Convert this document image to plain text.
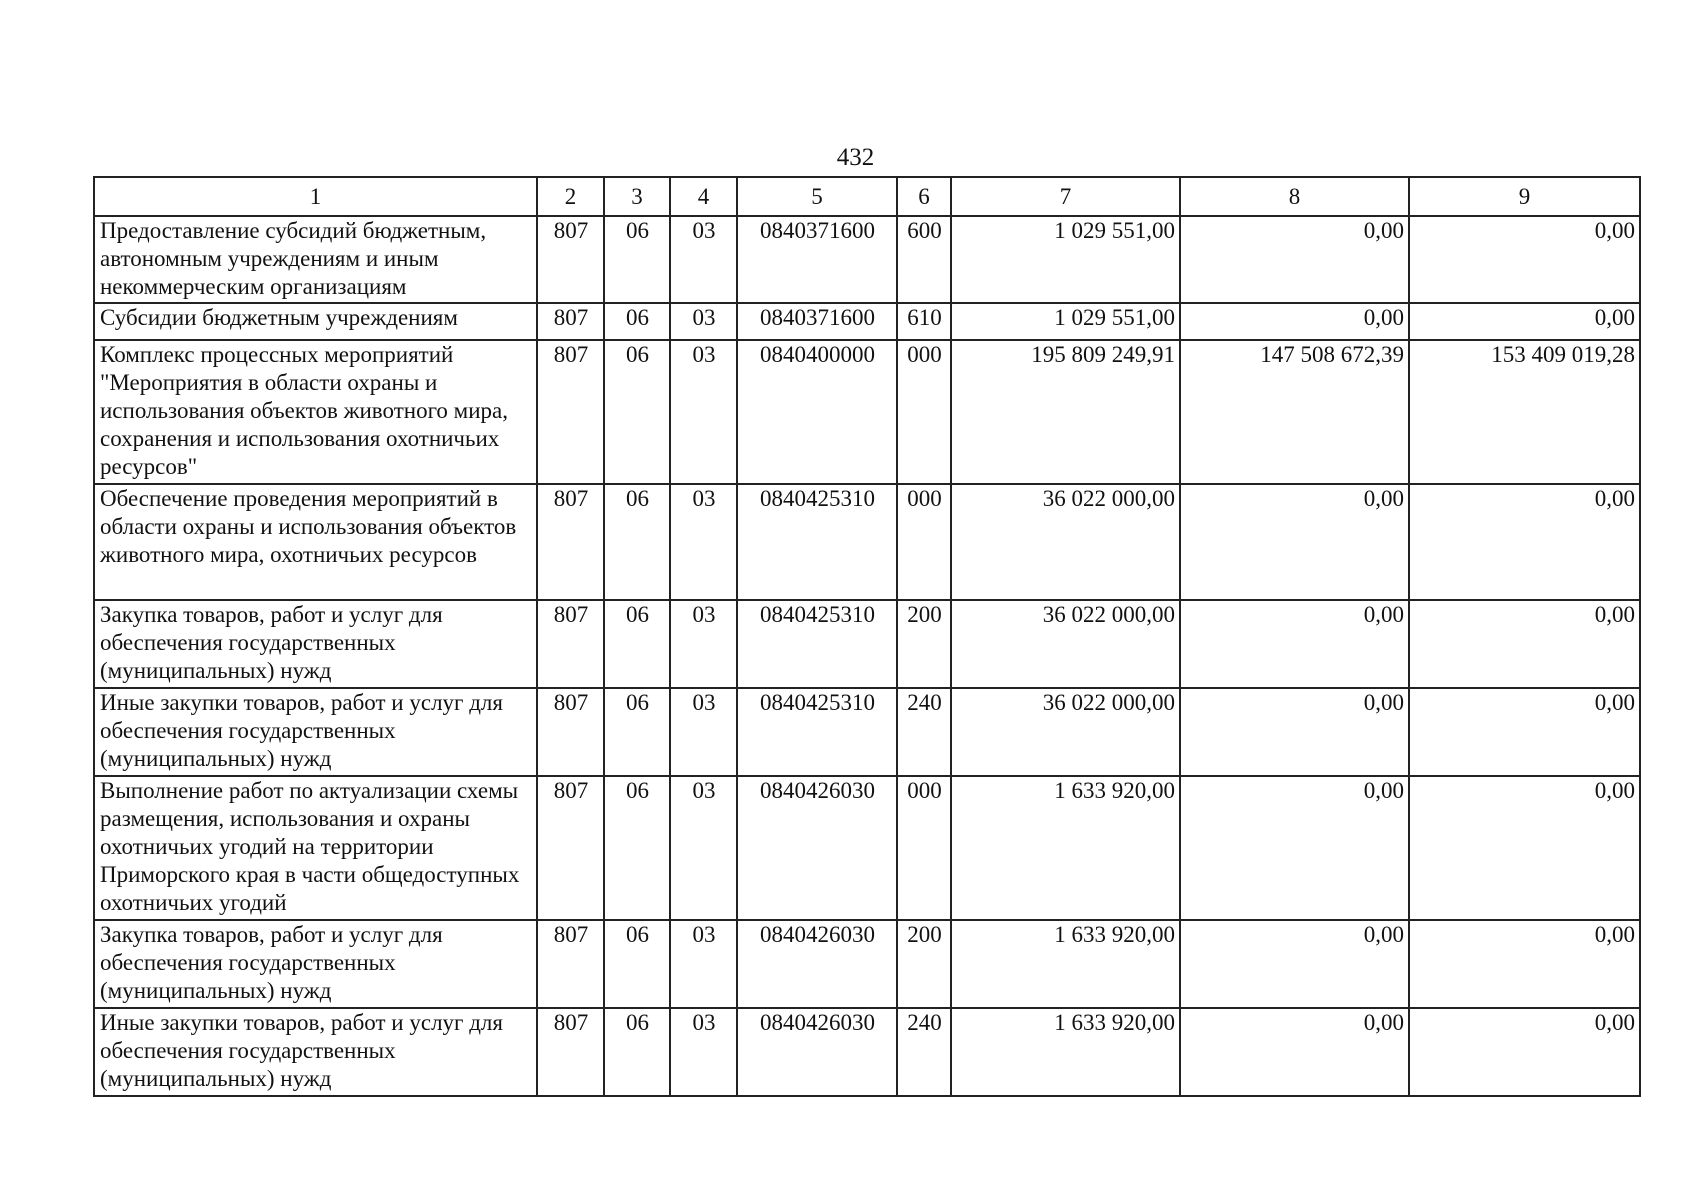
432
1	2	3	4	5	6	7	8	9
Предоставление субсидий бюджетным, автономным учреждениям и иным некоммерческим организациям	807	06	03	0840371600	600	1 029 551,00	0,00	0,00
Субсидии бюджетным учреждениям	807	06	03	0840371600	610	1 029 551,00	0,00	0,00
Комплекс процессных мероприятий "Мероприятия в области охраны и использования объектов животного мира, сохранения и использования охотничьих ресурсов"	807	06	03	0840400000	000	195 809 249,91	147 508 672,39	153 409 019,28
Обеспечение проведения мероприятий в области охраны и использования объектов животного мира, охотничьих ресурсов	807	06	03	0840425310	000	36 022 000,00	0,00	0,00
Закупка товаров, работ и услуг для обеспечения государственных (муниципальных) нужд	807	06	03	0840425310	200	36 022 000,00	0,00	0,00
Иные закупки товаров, работ и услуг для обеспечения государственных (муниципальных) нужд	807	06	03	0840425310	240	36 022 000,00	0,00	0,00
Выполнение работ по актуализации схемы размещения, использования и охраны охотничьих угодий на территории Приморского края в части общедоступных охотничьих угодий	807	06	03	0840426030	000	1 633 920,00	0,00	0,00
Закупка товаров, работ и услуг для обеспечения государственных (муниципальных) нужд	807	06	03	0840426030	200	1 633 920,00	0,00	0,00
Иные закупки товаров, работ и услуг для обеспечения государственных (муниципальных) нужд	807	06	03	0840426030	240	1 633 920,00	0,00	0,00
